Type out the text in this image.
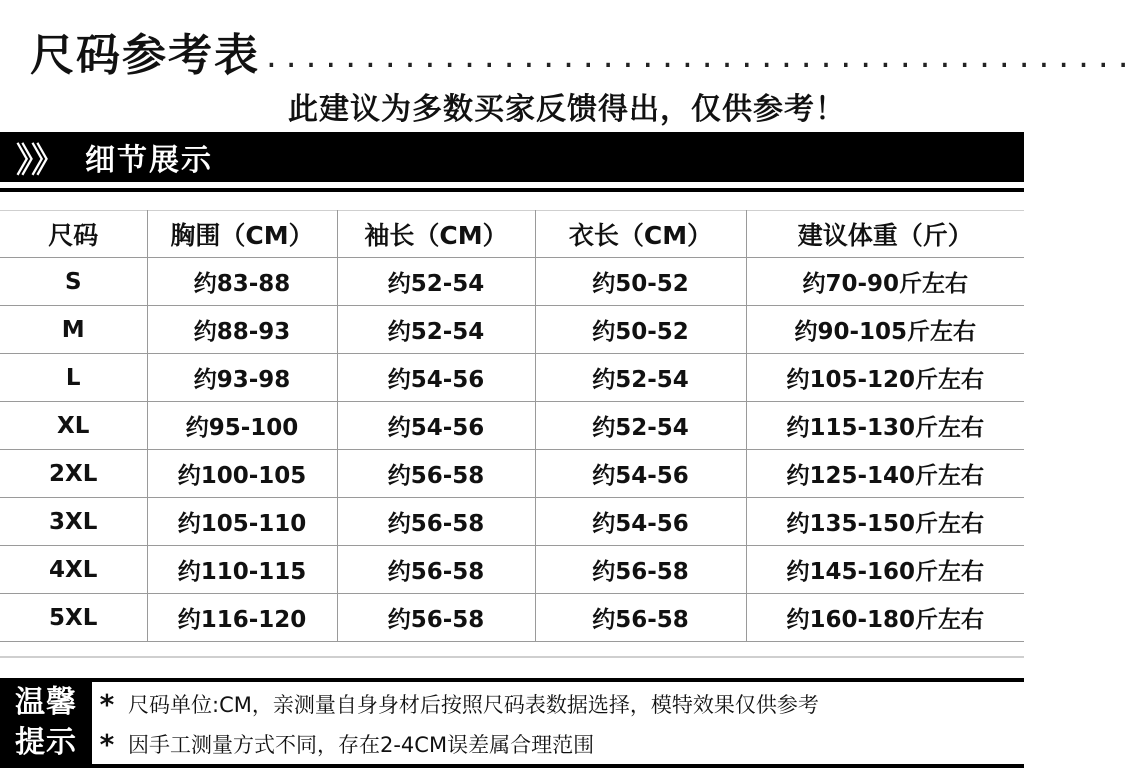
尺码参考表 ............................................
此建议为多数买家反馈得出，仅供参考！
》》 细节展示
尺码	胸围（CM）	袖长（CM）	衣长（CM）	建议体重（斤）
S	约83-88	约52-54	约50-52	约70-90斤左右
M	约88-93	约52-54	约50-52	约90-105斤左右
L	约93-98	约54-56	约52-54	约105-120斤左右
XL	约95-100	约54-56	约52-54	约115-130斤左右
2XL	约100-105	约56-58	约54-56	约125-140斤左右
3XL	约105-110	约56-58	约54-56	约135-150斤左右
4XL	约110-115	约56-58	约56-58	约145-160斤左右
5XL	约116-120	约56-58	约56-58	约160-180斤左右
温馨
提示
* 尺码单位:CM，亲测量自身身材后按照尺码表数据选择，模特效果仅供参考
* 因手工测量方式不同，存在2-4CM误差属合理范围
